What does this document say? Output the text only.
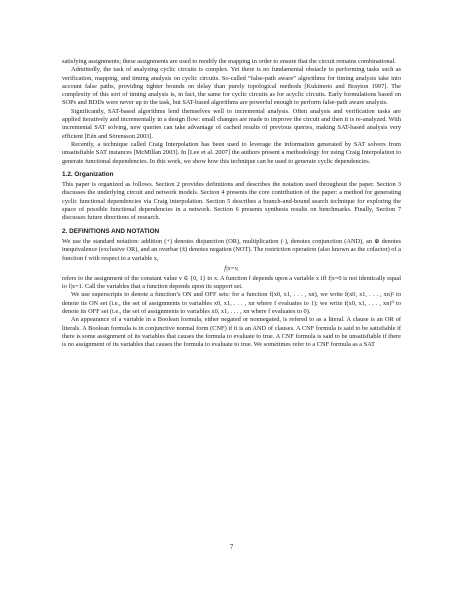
satisfying assignments; these assignments are used to modify the mapping in order to ensure that the circuit remains combinational.

Admittedly, the task of analyzing cyclic circuits is complex. Yet there is no fundamental obstacle to performing tasks such as verification, mapping, and timing analysis on cyclic circuits. So-called “false-path aware” algorithms for timing analysis take into account false paths, providing tighter bounds on delay than purely topological methods [Kukimoto and Brayton 1997]. The complexity of this sort of timing analysis is, in fact, the same for cyclic circuits as for acyclic circuits. Early formulations based on SOPs and BDDs were never up to the task, but SAT-based algorithms are powerful enough to perform false-path aware analysis.

Significantly, SAT-based algorithms lend themselves well to incremental analysis. Often analysis and verification tasks are applied iteratively and incrementally in a design flow: small changes are made to improve the circuit and then it is re-analyzed. With incremental SAT solving, new queries can take advantage of cached results of previous queries, making SAT-based analysis very efficient [Eén and Sörensson 2003].

Recently, a technique called Craig Interpolation has been used to leverage the information generated by SAT solvers from unsatisfiable SAT instances [McMillan 2003]. In [Lee et al. 2007] the authors present a methodology for using Craig Interpolation to generate functional dependencies. In this work, we show how this technique can be used to generate cyclic dependencies.

1.2. Organization

This paper is organized as follows. Section 2 provides definitions and describes the notation used throughout the paper. Section 3 discusses the underlying circuit and network models. Section 4 presents the core contribution of the paper: a method for generating cyclic functional dependencies via Craig interpolation. Section 5 describes a branch-and-bound search technique for exploring the space of possible functional dependencies in a network. Section 6 presents synthesis results on benchmarks. Finally, Section 7 discusses future directions of research.

2. DEFINITIONS AND NOTATION

We use the standard notation: addition (+) denotes disjunction (OR), multiplication (·), denotes conjunction (AND), an ⊕ denotes inequivalence (exclusive OR), and an overbar (x̄) denotes negation (NOT). The restriction operation (also known as the cofactor) of a function f with respect to a variable x,

f|x=v,

refers to the assignment of the constant value v ∈ {0, 1} to x. A function f depends upon a variable x iff f|x=0 is not identically equal to f|x=1. Call the variables that a function depends upon its support set.

We use superscripts to denote a function’s ON and OFF sets: for a function f(x0, x1, . . . , xn), we write f(x0, x1, . . . , xn)¹ to denote its ON set (i.e., the set of assignments to variables x0, x1, . . . , xn where f evaluates to 1); we write f(x0, x1, . . . , xn)⁰ to denote its OFF set (i.e., the set of assignments to variables x0, x1, . . . , xn where f evaluates to 0).

An appearance of a variable in a Boolean formula, either negated or nonnegated, is refered to as a literal. A clause is an OR of literals. A Boolean formula is in conjunctive normal form (CNF) if it is an AND of clauses. A CNF formula is said to be satisfiable if there is some assignment of its variables that causes the formula to evaluate to true. A CNF formula is said to be unsatisfiable if there is no assignment of its variables that causes the formula to evaluate to true. We sometimes refer to a CNF formula as a SAT

7
